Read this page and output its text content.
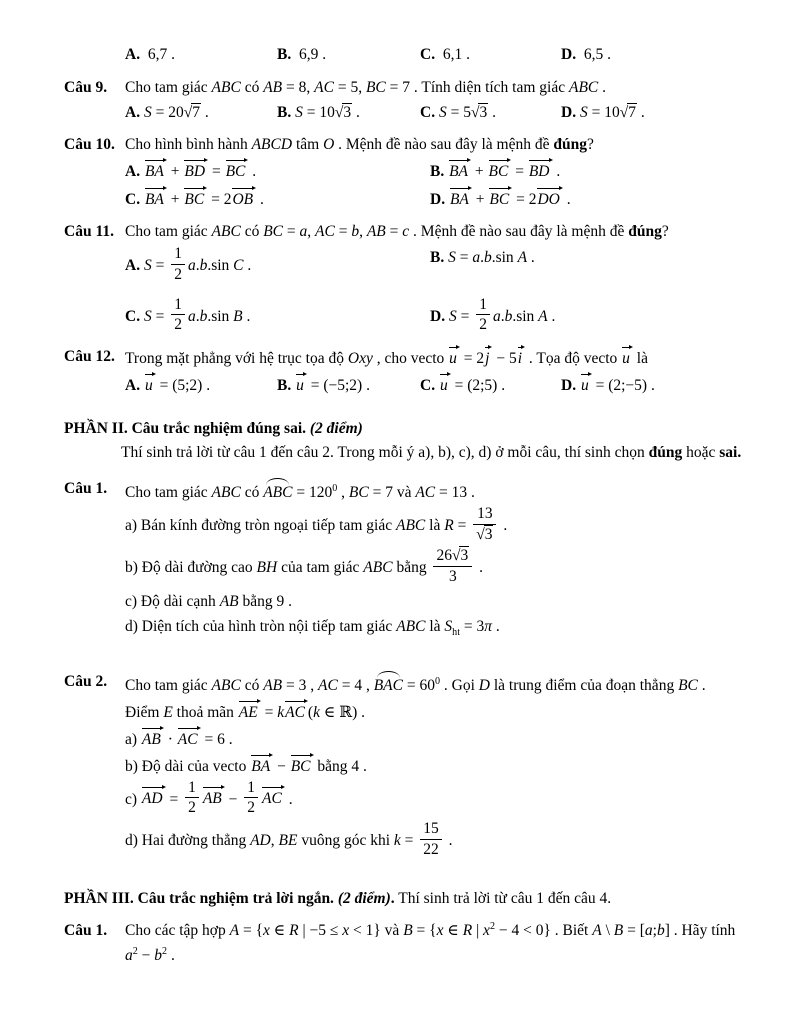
A.  6,7 .	B.  6,9 .	C.  6,1 .	D.  6,5 .
Câu 9.	Cho tam giác ABC có AB = 8, AC = 5, BC = 7 . Tính diện tích tam giác ABC .
A. S = 20√7 .	B. S = 10√3 .	C. S = 5√3 .	D. S = 10√7 .
Câu 10. Cho hình bình hành ABCD tâm O . Mệnh đề nào sau đây là mệnh đề đúng?
A. BA + BD = BC .	B. BA + BC = BD .
C. BA + BC = 2OB .	D. BA + BC = 2DO .
Câu 11. Cho tam giác ABC có BC = a, AC = b, AB = c . Mệnh đề nào sau đây là mệnh đề đúng?
A. $S = \frac{1}{2} a.b.\sin$ C .	B. S = a.b.sin A .
C. $S = \frac{1}{2} a.b.\sin$ B .	D. $S = \frac{1}{2} a.b.\sin$ A .
Câu 12. Trong mặt phẳng với hệ trục tọa độ Oxy , cho vecto u = 2j − 5i . Tọa độ vecto u là
A. u = (5;2) .	B. u = (−5;2) .	C. u = (2;5) .	D. u = (2;−5) .
PHẦN II. Câu trắc nghiệm đúng sai. (2 điểm)
Thí sinh trả lời từ câu 1 đến câu 2. Trong mỗi ý a), b), c), d) ở mỗi câu, thí sinh chọn đúng hoặc sai.
Câu 1.	Cho tam giác ABC có ABC = $120^0$ , BC = 7 và AC = 13 .
a) Bán kính đường tròn ngoại tiếp tam giác ABC là $R = \frac{13}{√3}$ .
b) Độ dài đường cao BH của tam giác ABC bằng $\frac{26√3}{3}$ .
c) Độ dài cạnh AB bằng 9 .
d) Diện tích của hình tròn nội tiếp tam giác ABC là $S_{ht} = 3\pi$ .
Câu 2.	Cho tam giác ABC có AB = 3 , AC = 4 , BAC = $60^0$ . Gọi D là trung điểm của đoạn thẳng BC .
Điểm E thoả mãn AE = kAC (k ∈ ℝ) .
a) AB · AC = 6 .
b) Độ dài của vecto BA − BC bằng 4 .
c) AD = $\frac{1}{2}$ AB − $\frac{1}{2}$ AC .
d) Hai đường thẳng AD, BE vuông góc khi $k = \frac{15}{22}$ .
PHẦN III. Câu trắc nghiệm trả lời ngắn. (2 điểm). Thí sinh trả lời từ câu 1 đến câu 4.
Câu 1.	Cho các tập hợp A = {x ∈ R | −5 ≤ x < 1} và B = {x ∈ R | $x^2 - 4 < 0$} . Biết A \ B = [a;b] . Hãy tính
$a^2 - b^2$ .
